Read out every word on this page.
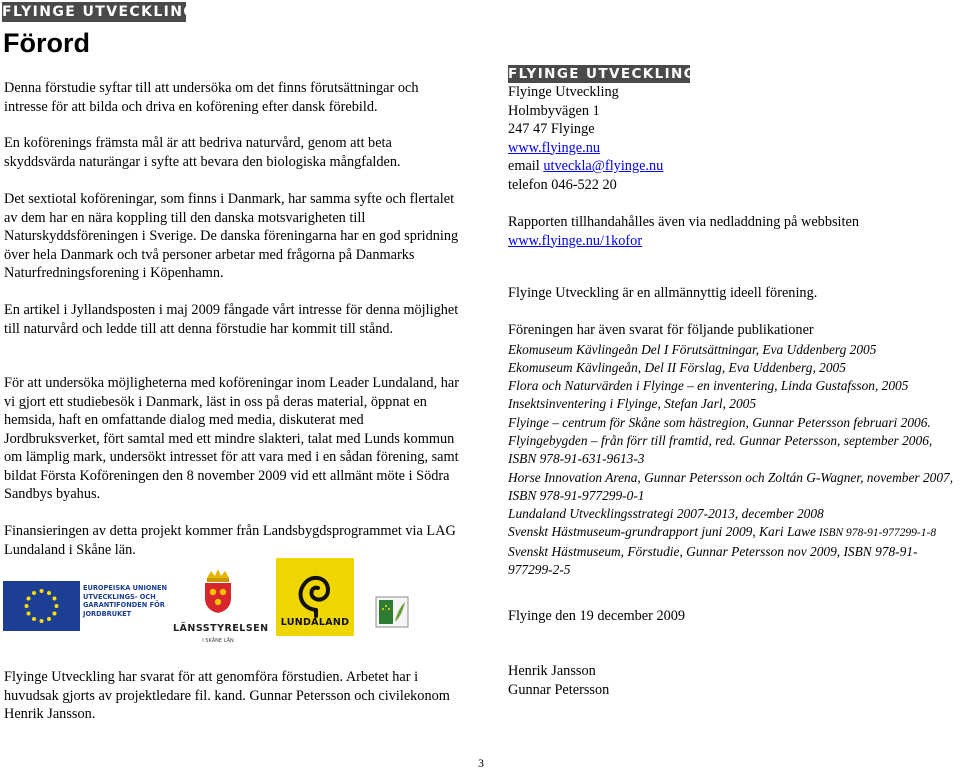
FLYINGE UTVECKLING
Förord

Denna förstudie syftar till att undersöka om det finns förutsättningar och intresse för att bilda och driva en koförening efter dansk förebild.

En koförenings främsta mål är att bedriva naturvård, genom att beta skyddsvärda naturängar i syfte att bevara den biologiska mångfalden.

Det sextiotal koföreningar, som finns i Danmark, har samma syfte och flertalet av dem har en nära koppling till den danska motsvarigheten till Naturskyddsföreningen i Sverige. De danska föreningarna har en god spridning över hela Danmark och två personer arbetar med frågorna på Danmarks Naturfredningsforening i Köpenhamn.

En artikel i Jyllandsposten i maj 2009 fångade vårt intresse för denna möjlighet till naturvård och ledde till att denna förstudie har kommit till stånd.

För att undersöka möjligheterna med koföreningar inom Leader Lundaland, har vi gjort ett studiebesök i Danmark, läst in oss på deras material, öppnat en hemsida, haft en omfattande dialog med media, diskuterat med Jordbruksverket, fört samtal med ett mindre slakteri, talat med Lunds kommun om lämplig mark, undersökt intresset för att vara med i en sådan förening, samt bildat Första Koföreningen den 8 november 2009 vid ett allmänt möte i Södra Sandbys byahus.

Finansieringen av detta projekt kommer från Landsbygdsprogrammet via LAG Lundaland i Skåne län.

EUROPEISKA UNIONEN UTVECKLINGS- OCH GARANTIFONDEN FÖR JORDBRUKET
LÄNSSTYRELSEN
I SKÅNE LÄN
LUNDALAND

Flyinge Utveckling har svarat för att genomföra förstudien. Arbetet har i huvudsak gjorts av projektledare fil. kand. Gunnar Petersson och civilekonom Henrik Jansson.

FLYINGE UTVECKLING
Flyinge Utveckling
Holmbyvägen 1
247 47 Flyinge
www.flyinge.nu
email utveckla@flyinge.nu
telefon 046-522 20
Rapporten tillhandahålles även via nedladdning på webbsiten
www.flyinge.nu/1kofor
Flyinge Utveckling är en allmännyttig ideell förening.
Föreningen har även svarat för följande publikationer
Ekomuseum Kävlingeån Del I Förutsättningar, Eva Uddenberg 2005
Ekomuseum Kävlingeån, Del II Förslag, Eva Uddenberg, 2005
Flora och Naturvärden i Flyinge – en inventering, Linda Gustafsson, 2005
Insektsinventering i Flyinge, Stefan Jarl, 2005
Flyinge – centrum för Skåne som hästregion, Gunnar Petersson februari 2006.
Flyingebygden – från förr till framtid, red. Gunnar Petersson, september 2006,
ISBN 978-91-631-9613-3
Horse Innovation Arena, Gunnar Petersson och Zoltán G-Wagner, november 2007,
ISBN 978-91-977299-0-1
Lundaland Utvecklingsstrategi 2007-2013, december 2008
Svenskt Hästmuseum-grundrapport juni 2009, Kari Lawe ISBN 978-91-977299-1-8
Svenskt Hästmuseum, Förstudie, Gunnar Petersson nov 2009, ISBN 978-91-977299-2-5
Flyinge den 19 december 2009
Henrik Jansson
Gunnar Petersson
3
